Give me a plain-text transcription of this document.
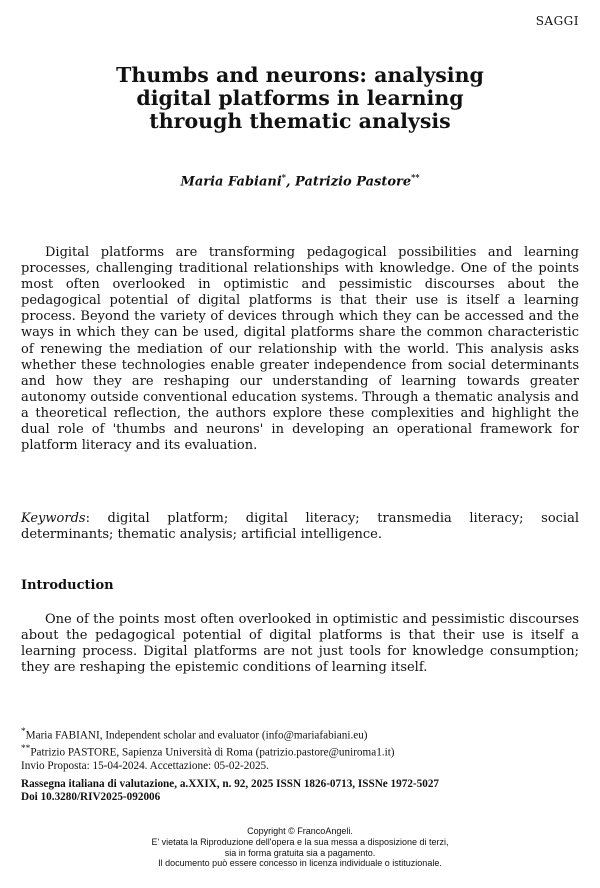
SAGGI
Thumbs and neurons: analysing
digital platforms in learning
through thematic analysis
Maria Fabiani*, Patrizio Pastore**

Digital platforms are transforming pedagogical possibilities and learning processes, challenging traditional relationships with knowledge. One of the points most often overlooked in optimistic and pessimistic discourses about the pedagogical potential of digital platforms is that their use is itself a learning process. Beyond the variety of devices through which they can be accessed and the ways in which they can be used, digital platforms share the common characteristic of renewing the mediation of our relationship with the world. This analysis asks whether these technologies enable greater independence from social determinants and how they are reshaping our understanding of learning towards greater autonomy outside conventional education systems. Through a thematic analysis and a theoretical reflection, the authors explore these complexities and highlight the dual role of 'thumbs and neurons' in developing an operational framework for platform literacy and its evaluation.

Keywords: digital platform; digital literacy; transmedia literacy; social determinants; thematic analysis; artificial intelligence.

Introduction

One of the points most often overlooked in optimistic and pessimistic discourses about the pedagogical potential of digital platforms is that their use is itself a learning process. Digital platforms are not just tools for knowledge consumption; they are reshaping the epistemic conditions of learning itself.

*Maria FABIANI, Independent scholar and evaluator (info@mariafabiani.eu)
**Patrizio PASTORE, Sapienza Università di Roma (patrizio.pastore@uniroma1.it)
Invio Proposta: 15-04-2024. Accettazione: 05-02-2025.
Rassegna italiana di valutazione, a.XXIX, n. 92, 2025 ISSN 1826-0713, ISSNe 1972-5027
Doi 10.3280/RIV2025-092006
Copyright © FrancoAngeli.
E' vietata la Riproduzione dell'opera e la sua messa a disposizione di terzi,
sia in forma gratuita sia a pagamento.
Il documento può essere concesso in licenza individuale o istituzionale.
